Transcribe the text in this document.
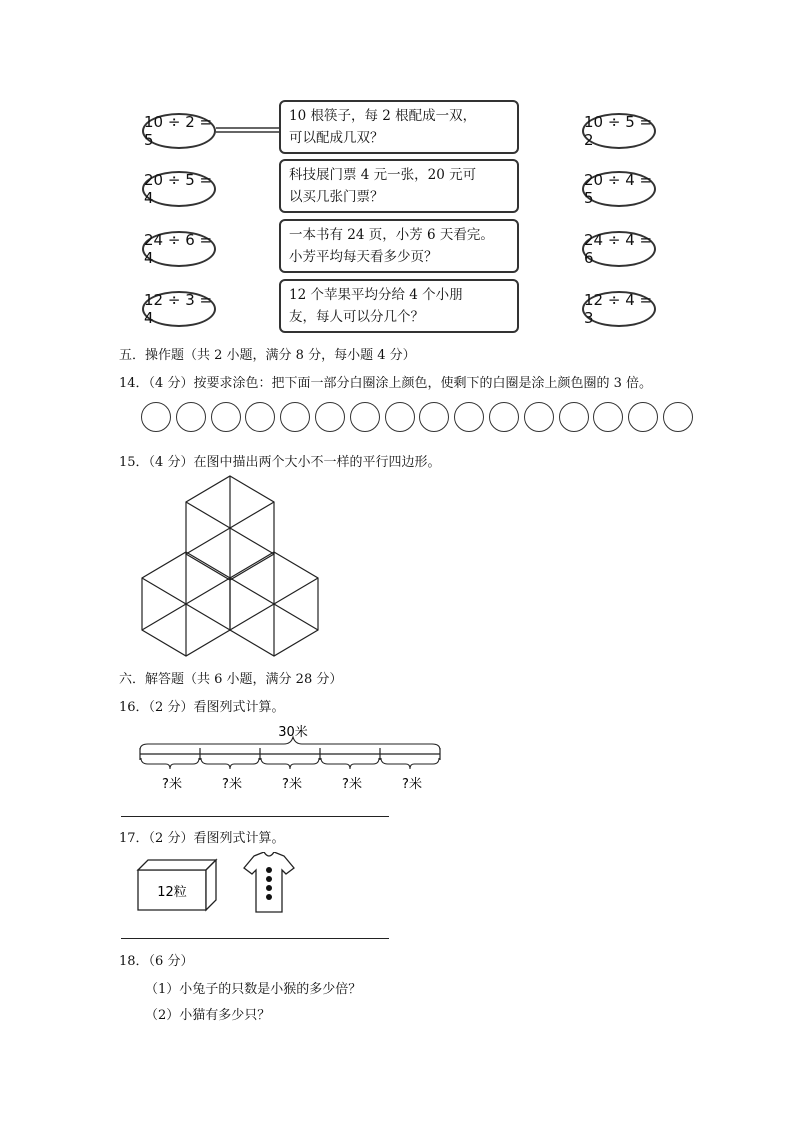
10 ÷ 2 = 5
20 ÷ 5 = 4
24 ÷ 6 = 4
12 ÷ 3 = 4
10 根筷子，每 2 根配成一双，
可以配成几双？
科技展门票 4 元一张，20 元可
以买几张门票？
一本书有 24 页，小芳 6 天看完。
小芳平均每天看多少页？
12 个苹果平均分给 4 个小朋
友，每人可以分几个？
10 ÷ 5 = 2
20 ÷ 4 = 5
24 ÷ 4 = 6
12 ÷ 4 = 3
五．操作题（共 2 小题，满分 8 分，每小题 4 分）
14．（4 分）按要求涂色：把下面一部分白圈涂上颜色，使剩下的白圈是涂上颜色圈的 3 倍。
15．（4 分）在图中描出两个大小不一样的平行四边形。
六．解答题（共 6 小题，满分 28 分）
16．（2 分）看图列式计算。
30米
?米	?米	?米	?米	?米
17．（2 分）看图列式计算。
12粒
18．（6 分）
（1）小兔子的只数是小猴的多少倍？
（2）小猫有多少只？
